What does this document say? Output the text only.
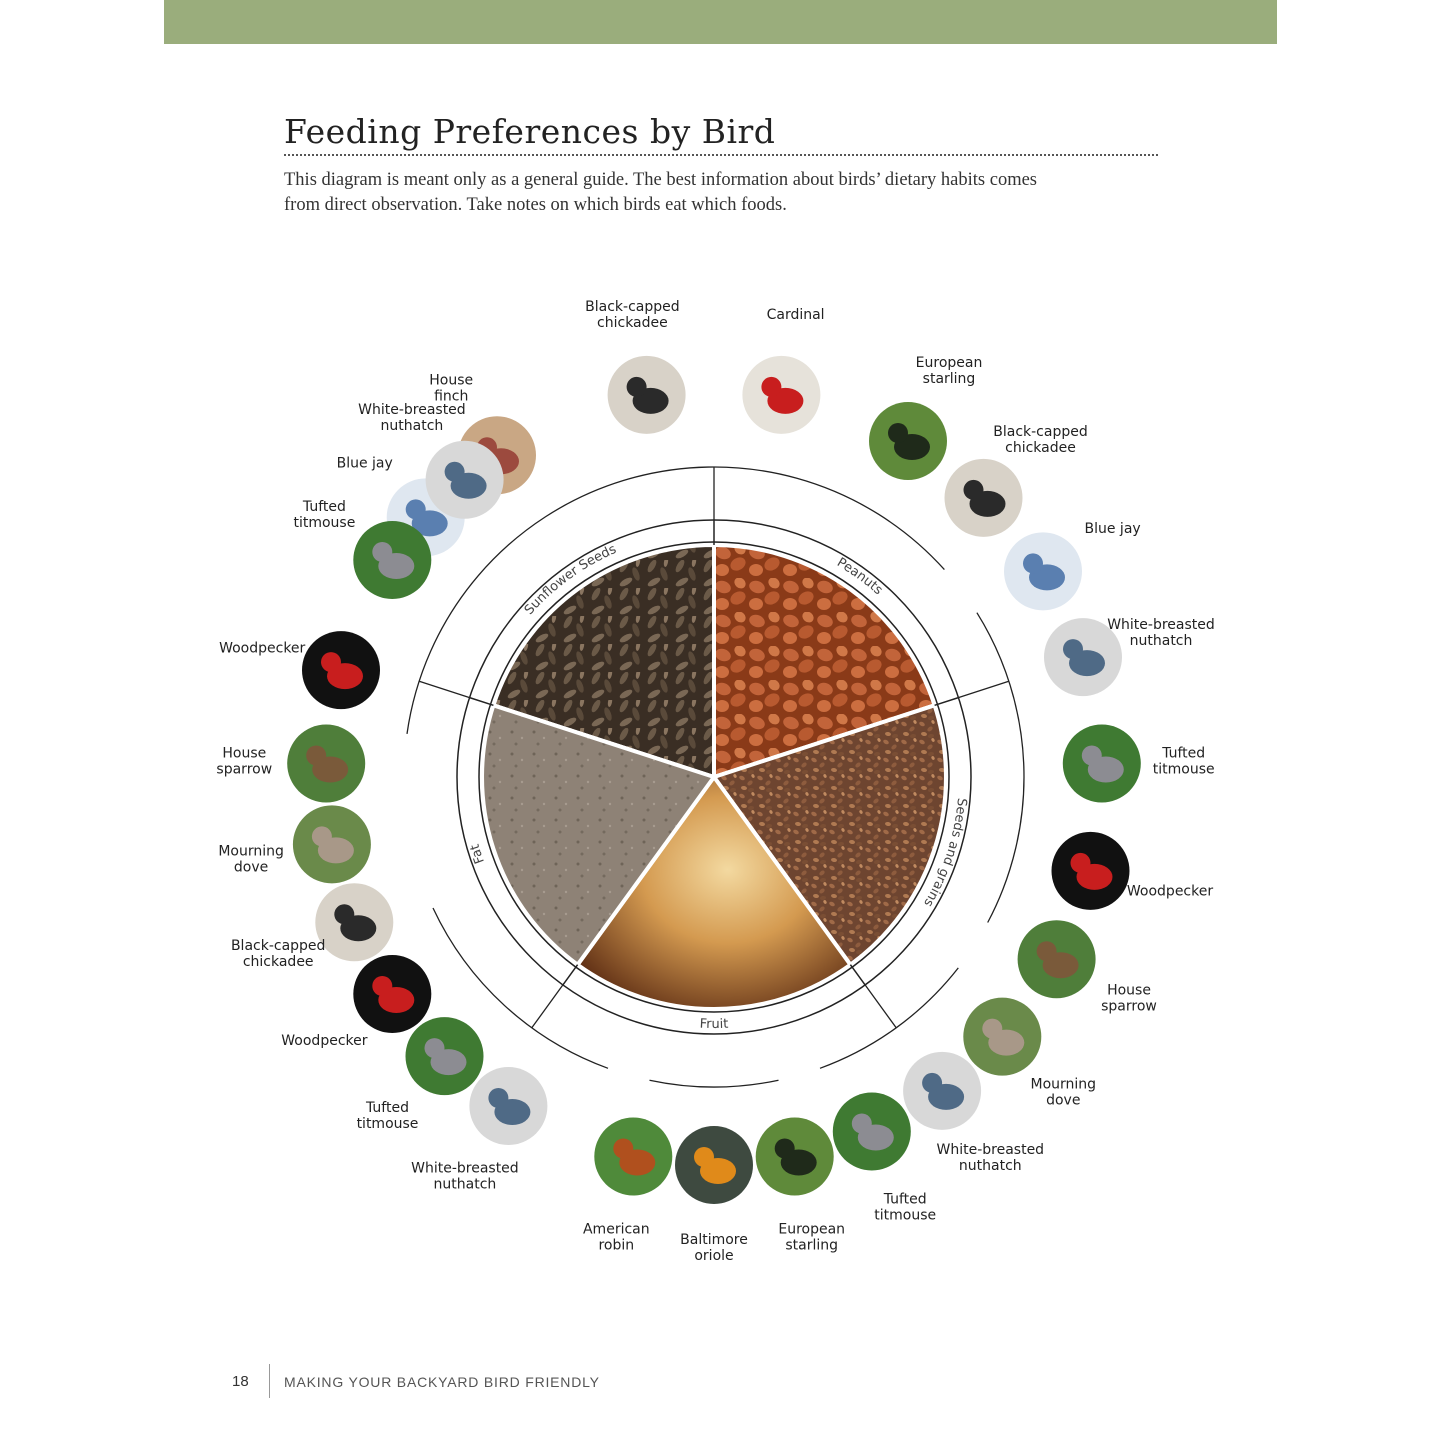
Feeding Preferences by Bird

This diagram is meant only as a general guide. The best information about birds’ dietary habits comes from direct observation. Take notes on which birds eat which foods.

Sunflower Seeds
Peanuts
Seeds and grains
Fruit
Fat
Blue jay
House finch
Black-capped chickadee	Cardinal
European starling
Black-capped chickadee
Blue jay
White-breasted nuthatch
Tufted titmouse
Woodpecker
House sparrow
Mourning dove
White-breasted nuthatch
Tufted titmouse
European starling
Baltimore oriole
American robin
White-breasted nuthatch
Tufted titmouse
Woodpecker
Black-capped chickadee
Mourning dove
House sparrow
Woodpecker
Tufted titmouse
White-breasted nuthatch
18	MAKING YOUR BACKYARD BIRD FRIENDLY
